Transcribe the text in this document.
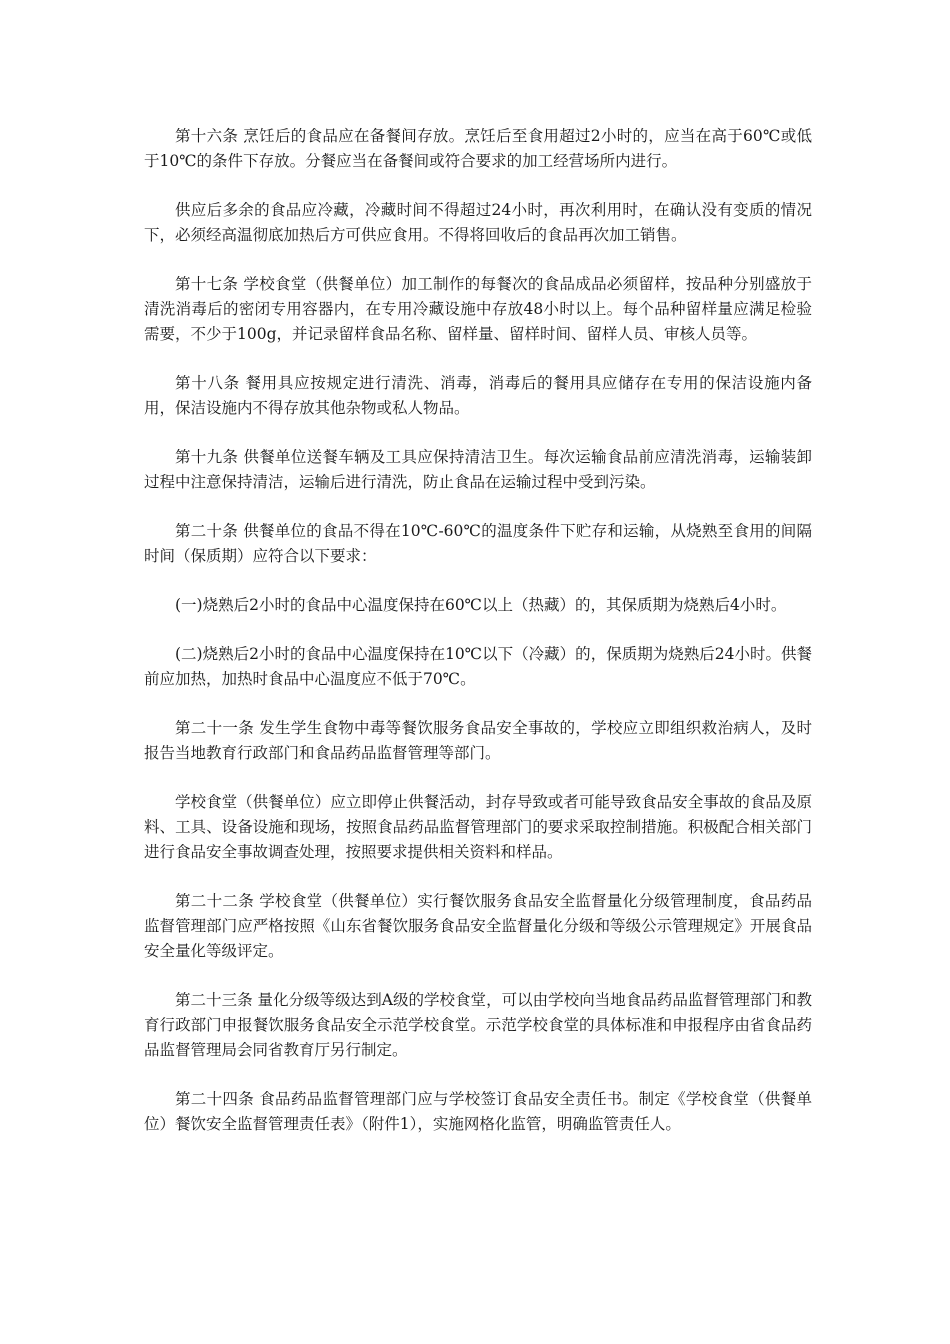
第十六条 烹饪后的食品应在备餐间存放。烹饪后至食用超过2小时的，应当在高于60℃或低于10℃的条件下存放。分餐应当在备餐间或符合要求的加工经营场所内进行。

供应后多余的食品应冷藏，冷藏时间不得超过24小时，再次利用时，在确认没有变质的情况下，必须经高温彻底加热后方可供应食用。不得将回收后的食品再次加工销售。

第十七条 学校食堂（供餐单位）加工制作的每餐次的食品成品必须留样，按品种分别盛放于清洗消毒后的密闭专用容器内，在专用冷藏设施中存放48小时以上。每个品种留样量应满足检验需要，不少于100g，并记录留样食品名称、留样量、留样时间、留样人员、审核人员等。

第十八条 餐用具应按规定进行清洗、消毒，消毒后的餐用具应储存在专用的保洁设施内备用，保洁设施内不得存放其他杂物或私人物品。

第十九条 供餐单位送餐车辆及工具应保持清洁卫生。每次运输食品前应清洗消毒，运输装卸过程中注意保持清洁，运输后进行清洗，防止食品在运输过程中受到污染。

第二十条 供餐单位的食品不得在10℃-60℃的温度条件下贮存和运输，从烧熟至食用的间隔时间（保质期）应符合以下要求：

(一)烧熟后2小时的食品中心温度保持在60℃以上（热藏）的，其保质期为烧熟后4小时。

(二)烧熟后2小时的食品中心温度保持在10℃以下（冷藏）的，保质期为烧熟后24小时。供餐前应加热，加热时食品中心温度应不低于70℃。

第二十一条 发生学生食物中毒等餐饮服务食品安全事故的，学校应立即组织救治病人，及时报告当地教育行政部门和食品药品监督管理等部门。

学校食堂（供餐单位）应立即停止供餐活动，封存导致或者可能导致食品安全事故的食品及原料、工具、设备设施和现场，按照食品药品监督管理部门的要求采取控制措施。积极配合相关部门进行食品安全事故调查处理，按照要求提供相关资料和样品。

第二十二条 学校食堂（供餐单位）实行餐饮服务食品安全监督量化分级管理制度，食品药品监督管理部门应严格按照《山东省餐饮服务食品安全监督量化分级和等级公示管理规定》开展食品安全量化等级评定。

第二十三条 量化分级等级达到A级的学校食堂，可以由学校向当地食品药品监督管理部门和教育行政部门申报餐饮服务食品安全示范学校食堂。示范学校食堂的具体标准和申报程序由省食品药品监督管理局会同省教育厅另行制定。

第二十四条 食品药品监督管理部门应与学校签订食品安全责任书。制定《学校食堂（供餐单位）餐饮安全监督管理责任表》（附件1），实施网格化监管，明确监管责任人。
